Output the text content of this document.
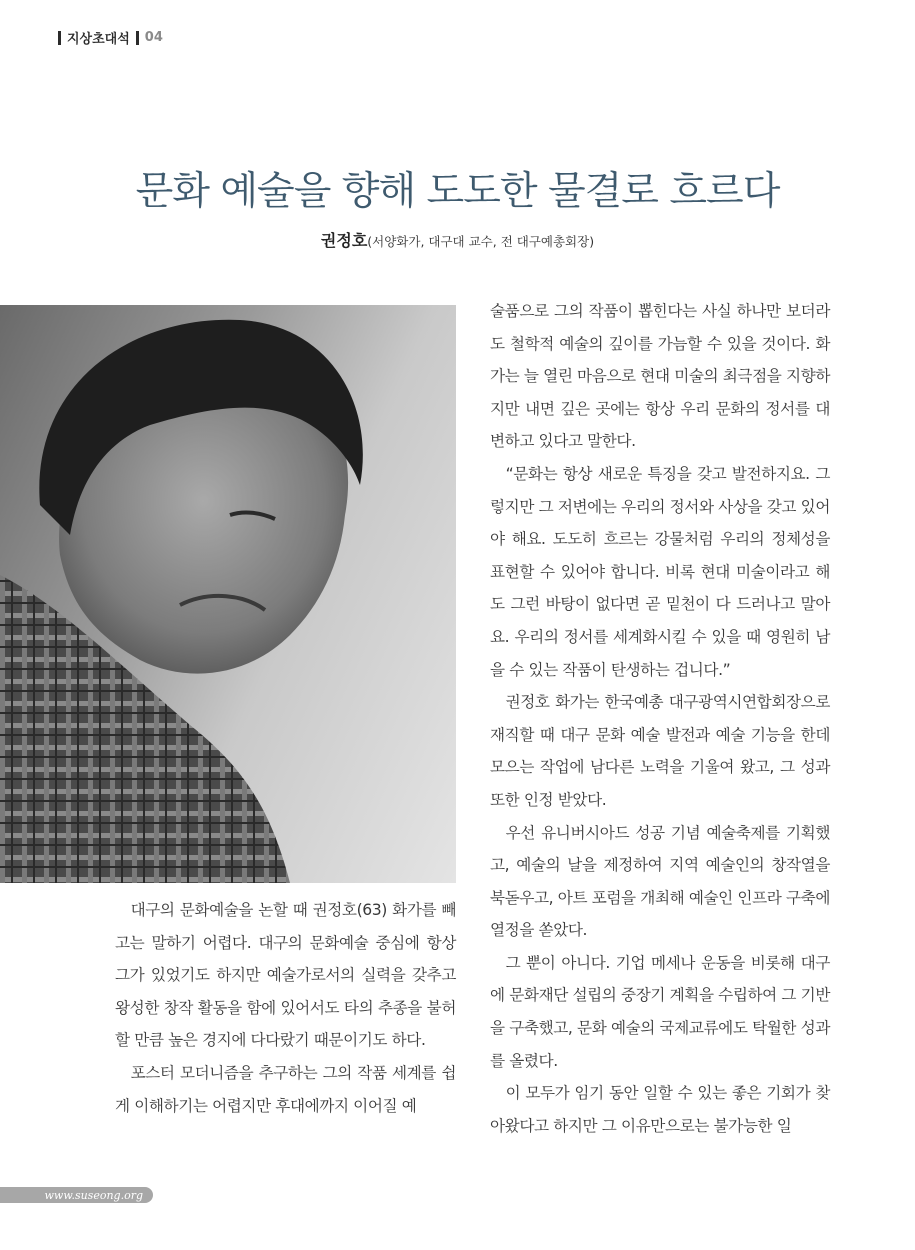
지상초대석 04
문화 예술을 향해 도도한 물결로 흐르다
권정호(서양화가, 대구대 교수, 전 대구예총회장)

대구의 문화예술을 논할 때 권정호(63) 화가를 빼고는 말하기 어렵다. 대구의 문화예술 중심에 항상 그가 있었기도 하지만 예술가로서의 실력을 갖추고 왕성한 창작 활동을 함에 있어서도 타의 추종을 불허할 만큼 높은 경지에 다다랐기 때문이기도 하다.

포스터 모더니즘을 추구하는 그의 작품 세계를 쉽게 이해하기는 어렵지만 후대에까지 이어질 예

술품으로 그의 작품이 뽑힌다는 사실 하나만 보더라도 철학적 예술의 깊이를 가늠할 수 있을 것이다. 화가는 늘 열린 마음으로 현대 미술의 최극점을 지향하지만 내면 깊은 곳에는 항상 우리 문화의 정서를 대변하고 있다고 말한다.

“문화는 항상 새로운 특징을 갖고 발전하지요. 그렇지만 그 저변에는 우리의 정서와 사상을 갖고 있어야 해요. 도도히 흐르는 강물처럼 우리의 정체성을 표현할 수 있어야 합니다. 비록 현대 미술이라고 해도 그런 바탕이 없다면 곧 밑천이 다 드러나고 말아요. 우리의 정서를 세계화시킬 수 있을 때 영원히 남을 수 있는 작품이 탄생하는 겁니다.”

권정호 화가는 한국예총 대구광역시연합회장으로 재직할 때 대구 문화 예술 발전과 예술 기능을 한데 모으는 작업에 남다른 노력을 기울여 왔고, 그 성과 또한 인정 받았다.

우선 유니버시아드 성공 기념 예술축제를 기획했고, 예술의 날을 제정하여 지역 예술인의 창작열을 북돋우고, 아트 포럼을 개최해 예술인 인프라 구축에 열정을 쏟았다.

그 뿐이 아니다. 기업 메세나 운동을 비롯해 대구에 문화재단 설립의 중장기 계획을 수립하여 그 기반을 구축했고, 문화 예술의 국제교류에도 탁월한 성과를 올렸다.

이 모두가 임기 동안 일할 수 있는 좋은 기회가 찾아왔다고 하지만 그 이유만으로는 불가능한 일

www.suseong.org
